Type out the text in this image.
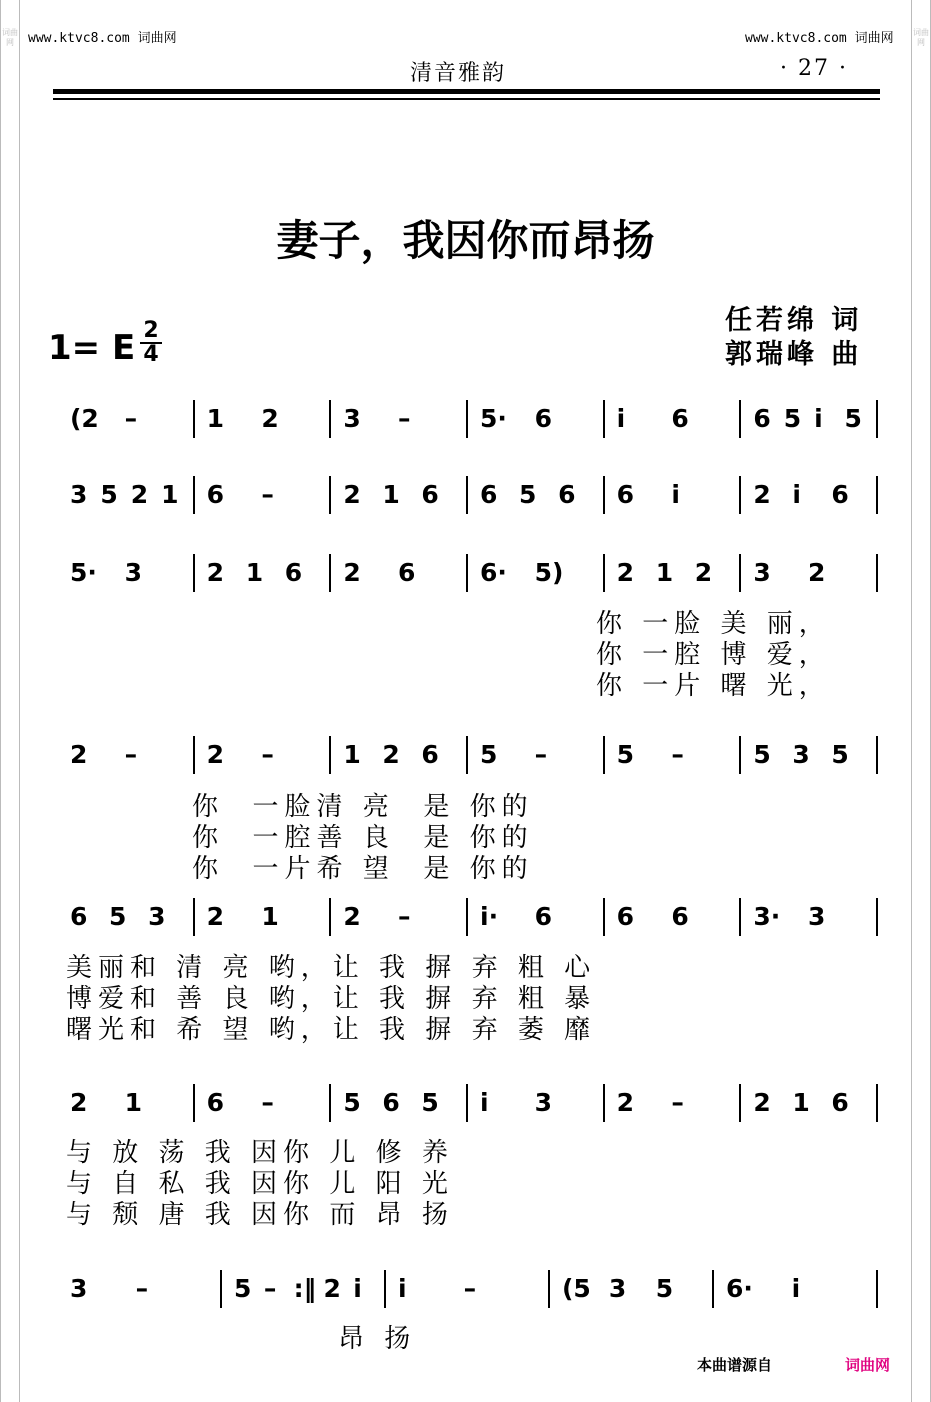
词曲网
词曲网
www.ktvc8.com 词曲网	www.ktvc8.com 词曲网
清音雅韵	· 27 ·
妻子，我因你而昂扬
任若绵 词
郭瑞峰 曲
1= E $\frac{2}{4}$
(2 –	1 2	3 –	5· 6	i 6	6 5 i 5
3 5 2 1 6 –	2 1 6 6 5 6 6 i	2 i 6
5· 3	2 1 6 2 6	6· 5) 2 1 2 3 2
你 一脸 美 丽，
你 一腔 博 爱，
你 一片 曙 光，
2 –	2 –	1 2 6 5 –	5 –	5 3 5
你  一脸清 亮  是 你的
你  一腔善 良  是 你的
你  一片希 望  是 你的
6 5 3 2 1	2 –	i· 6	6 6	3· 3
美丽和 清 亮 哟，让 我 摒 弃 粗 心
博爱和 善 良 哟，让 我 摒 弃 粗 暴
曙光和 希 望 哟，让 我 摒 弃 萎 靡
2 1	6 –	5 6 5 i 3	2 –	2 1 6
与 放 荡 我 因你 儿 修 养
与 自 私 我 因你 儿 阳 光
与 颓 唐 我 因你 而 昂 扬
3 –	5 – :‖ 2 i i –	(5 3 5 6· i
昂 扬
本曲谱源自	词曲网
